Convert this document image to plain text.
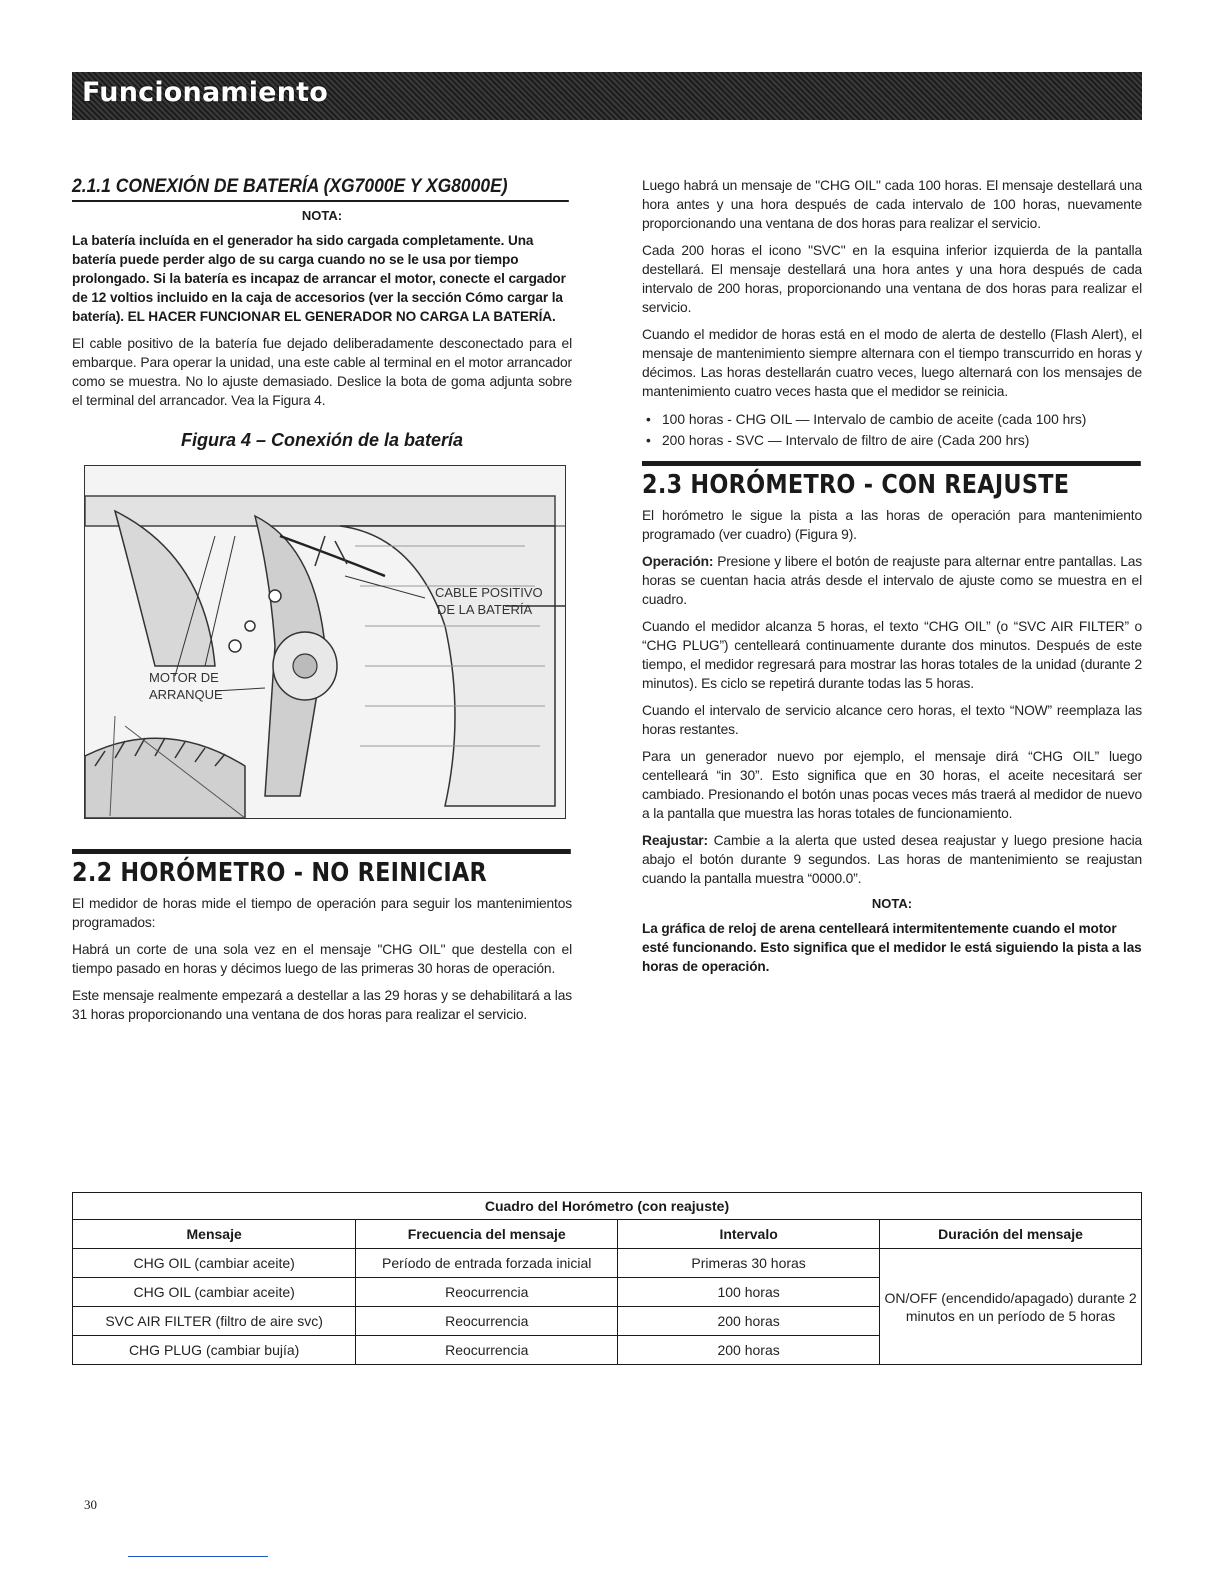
Funcionamiento
2.1.1 CONEXIÓN DE BATERÍA (XG7000E Y XG8000E)
NOTA:

La batería incluída en el generador ha sido cargada completamente. Una batería puede perder algo de su carga cuando no se le usa por tiempo prolongado. Si la batería es incapaz de arrancar el motor, conecte el cargador de 12 voltios incluido en la caja de accesorios (ver la sección Cómo cargar la batería). EL HACER FUNCIONAR EL GENERADOR NO CARGA LA BATERÍA.

El cable positivo de la batería fue dejado deliberadamente desconectado para el embarque. Para operar la unidad, una este cable al terminal en el motor arrancador como se muestra. No lo ajuste demasiado. Deslice la bota de goma adjunta sobre el terminal del arrancador. Vea la Figura 4.

Figura 4 – Conexión de la batería
CABLE POSITIVO
DE LA BATERÍA
MOTOR DE
ARRANQUE
2.2 HORÓMETRO - NO REINICIAR

El medidor de horas mide el tiempo de operación para seguir los mantenimientos programados:

Habrá un corte de una sola vez en el mensaje "CHG OIL" que destella con el tiempo pasado en horas y décimos luego de las primeras 30 horas de operación.

Este mensaje realmente empezará a destellar a las 29 horas y se dehabilitará a las 31 horas proporcionando una ventana de dos horas para realizar el servicio.

Luego habrá un mensaje de "CHG OIL" cada 100 horas. El mensaje destellará una hora antes y una hora después de cada intervalo de 100 horas, nuevamente proporcionando una ventana de dos horas para realizar el servicio.

Cada 200 horas el icono "SVC" en la esquina inferior izquierda de la pantalla destellará. El mensaje destellará una hora antes y una hora después de cada intervalo de 200 horas, proporcionando una ventana de dos horas para realizar el servicio.

Cuando el medidor de horas está en el modo de alerta de destello (Flash Alert), el mensaje de mantenimiento siempre alternara con el tiempo transcurrido en horas y décimos. Las horas destellarán cuatro veces, luego alternará con los mensajes de mantenimiento cuatro veces hasta que el medidor se reinicia.

• 100 horas - CHG OIL — Intervalo de cambio de aceite (cada 100 hrs)
• 200 horas - SVC — Intervalo de filtro de aire (Cada 200 hrs)
2.3 HORÓMETRO - CON REAJUSTE

El horómetro le sigue la pista a las horas de operación para mantenimiento programado (ver cuadro) (Figura 9).

Operación: Presione y libere el botón de reajuste para alternar entre pantallas. Las horas se cuentan hacia atrás desde el intervalo de ajuste como se muestra en el cuadro.

Cuando el medidor alcanza 5 horas, el texto “CHG OIL” (o “SVC AIR FILTER” o “CHG PLUG”) centelleará continuamente durante dos minutos. Después de este tiempo, el medidor regresará para mostrar las horas totales de la unidad (durante 2 minutos). Es ciclo se repetirá durante todas las 5 horas.

Cuando el intervalo de servicio alcance cero horas, el texto “NOW” reemplaza las horas restantes.

Para un generador nuevo por ejemplo, el mensaje dirá “CHG OIL” luego centelleará “in 30”. Esto significa que en 30 horas, el aceite necesitará ser cambiado. Presionando el botón unas pocas veces más traerá al medidor de nuevo a la pantalla que muestra las horas totales de funcionamiento.

Reajustar: Cambie a la alerta que usted desea reajustar y luego presione hacia abajo el botón durante 9 segundos. Las horas de mantenimiento se reajustan cuando la pantalla muestra “0000.0”.

NOTA:

La gráfica de reloj de arena centelleará intermitentemente cuando el motor esté funcionando. Esto significa que el medidor le está siguiendo la pista a las horas de operación.

Cuadro del Horómetro (con reajuste)			
Mensaje	Frecuencia del mensaje	Intervalo	Duración del mensaje
CHG OIL (cambiar aceite)	Período de entrada forzada inicial	Primeras 30 horas	ON/OFF (encendido/apagado) durante 2 minutos en un período de 5 horas
CHG OIL (cambiar aceite)	Reocurrencia	100 horas	
SVC AIR FILTER (filtro de aire svc)	Reocurrencia	200 horas	
CHG PLUG (cambiar bujía)	Reocurrencia	200 horas	
30
